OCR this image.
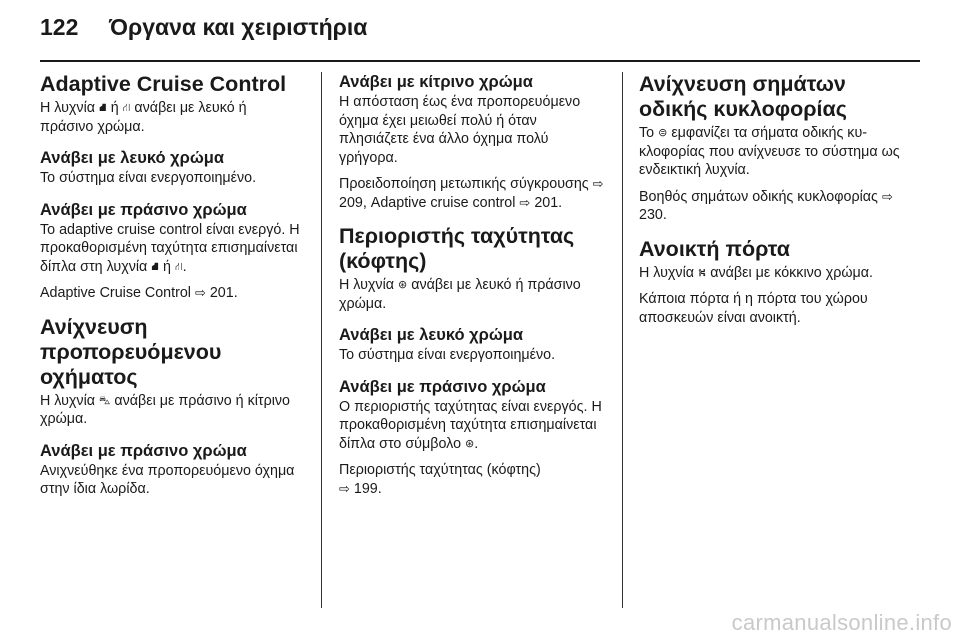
122	Όργανα και χειριστήρια
Adaptive Cruise Control

Η λυχνία ⛘ ή ⛙ ανάβει με λευκό ή πράσινο χρώμα.

Ανάβει με λευκό χρώμα

Το σύστημα είναι ενεργοποιημένο.

Ανάβει με πράσινο χρώμα

Το adaptive cruise control είναι ενεργό. Η προκαθορισμένη ταχύτητα επισημαίνεται δίπλα στη λυχνία ⛘ ή ⛙.

Adaptive Cruise Control ⇨ 201.

Ανίχνευση προπορευόμενου οχήματος

Η λυχνία ⛍ ανάβει με πράσινο ή κίτρινο χρώμα.

Ανάβει με πράσινο χρώμα

Ανιχνεύθηκε ένα προπορευόμενο όχημα στην ίδια λωρίδα.

Ανάβει με κίτρινο χρώμα

Η απόσταση έως ένα προπορευόμενο όχημα έχει μειωθεί πολύ ή όταν πλησιάζετε ένα άλλο όχημα πολύ γρήγορα.

Προειδοποίηση μετωπικής σύγκρουσης ⇨ 209, Adaptive cruise control ⇨ 201.

Περιοριστής ταχύτητας (κόφτης)

Η λυχνία ⊛ ανάβει με λευκό ή πράσινο χρώμα.

Ανάβει με λευκό χρώμα

Το σύστημα είναι ενεργοποιημένο.

Ανάβει με πράσινο χρώμα

Ο περιοριστής ταχύτητας είναι ενεργός. Η προκαθορισμένη ταχύτητα επισημαίνεται δίπλα στο σύμβολο ⊛.

Περιοριστής ταχύτητας (κόφτης)
⇨ 199.

Ανίχνευση σημάτων οδικής κυκλοφορίας

Το ⊜ εμφανίζει τα σήματα οδικής κυκλοφορίας που ανίχνευσε το σύστημα ως ενδεικτική λυχνία.

Βοηθός σημάτων οδικής κυκλοφορίας ⇨ 230.

Ανοικτή πόρτα

Η λυχνία ⛕ ανάβει με κόκκινο χρώμα.

Κάποια πόρτα ή η πόρτα του χώρου αποσκευών είναι ανοικτή.

carmanualsonline.info
